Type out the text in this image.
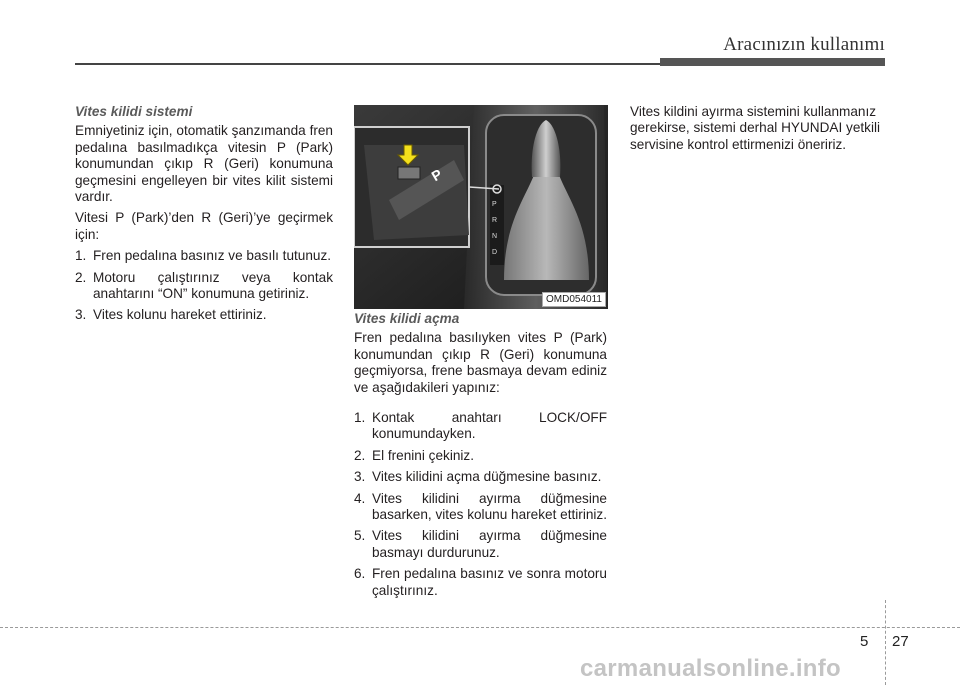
Aracınızın kullanımı

Vites kilidi sistemi

Emniyetiniz için, otomatik şanzımanda fren pedalına basılmadıkça vitesin P (Park) konumundan çıkıp R (Geri) konumuna geçmesini engelleyen bir vites kilit sistemi vardır.

Vitesi P (Park)’den R (Geri)’ye geçirmek için:

1. Fren pedalına basınız ve basılı tutunuz.
2. Motoru çalıştırınız veya kontak anahtarını “ON” konumuna getiriniz.
3. Vites kolunu hareket ettiriniz.
P
P
R
N
D
OMD054011

Vites kilidi açma

Fren pedalına basılıyken vites P (Park) konumundan çıkıp R (Geri) konumuna geçmiyorsa, frene basmaya devam ediniz ve aşağıdakileri yapınız:

1. Kontak anahtarı LOCK/OFF konumundayken.
2. El frenini çekiniz.
3. Vites kilidini açma düğmesine basınız.
4. Vites kilidini ayırma düğmesine basarken, vites kolunu hareket ettiriniz.
5. Vites kilidini ayırma düğmesine basmayı durdurunuz.
6. Fren pedalına basınız ve sonra motoru çalıştırınız.

Vites kildini ayırma sistemini kullanmanız gerekirse, sistemi derhal HYUNDAI yetkili servisine kontrol ettirmenizi öneririz.

5 27
carmanualsonline.info
